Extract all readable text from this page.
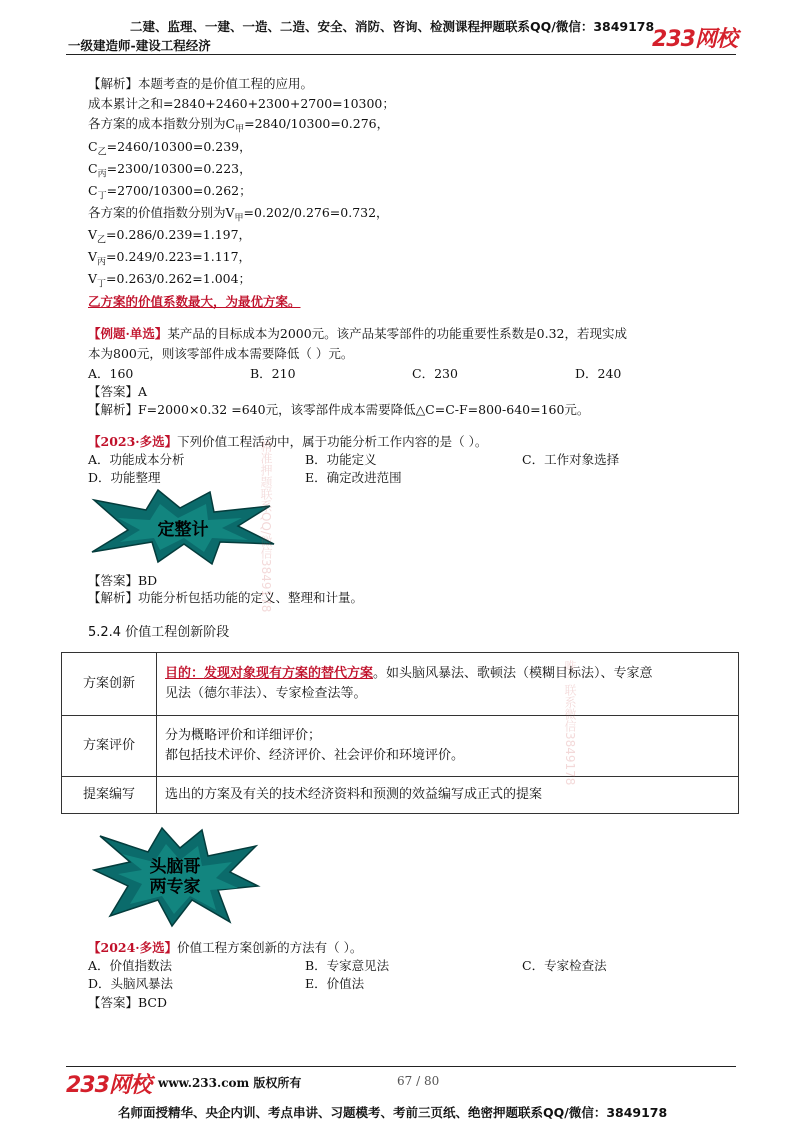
二建、监理、一建、一造、二造、安全、消防、咨询、检测课程押题联系QQ/微信：3849178
233网校
一级建造师-建设工程经济
【解析】本题考查的是价值工程的应用。
成本累计之和=2840+2460+2300+2700=10300；
各方案的成本指数分别为$C_甲=2840/10300=0.276$，
$C_乙=2460/10300=0.239$，
$C_丙=2300/10300=0.223$，
$C_丁=2700/10300=0.262$；
各方案的价值指数分别为$V_甲=0.202/0.276=0.732$，
$V_乙=0.286/0.239=1.197$，
$V_丙=0.249/0.223=1.117$，
$V_丁=0.263/0.262=1.004$；
乙方案的价值系数最大，为最优方案。
【例题·单选】某产品的目标成本为2000元。该产品某零部件的功能重要性系数是0.32，若现实成
本为800元，则该零部件成本需要降低（ ）元。
A．160	B．210	C．230	D．240
【答案】A
【解析】F=2000×0.32 =640元，该零部件成本需要降低△C=C-F=800-640=160元。
【2023·多选】下列价值工程活动中，属于功能分析工作内容的是（ ）。
A．功能成本分析	B．功能定义	C．工作对象选择
D．功能整理	E．确定改进范围
定整计
【答案】BD
【解析】功能分析包括功能的定义、整理和计量。
5.2.4 价值工程创新阶段
方案创新	目的：发现对象现有方案的替代方案。如头脑风暴法、歌顿法（模糊目标法）、专家意
见法（德尔菲法）、专家检查法等。
方案评价	分为概略评价和详细评价；
都包括技术评价、经济评价、社会评价和环境评价。
提案编写	选出的方案及有关的技术经济资料和预测的效益编写成正式的提案
精准押题联系QQ/微信3849178
唯一联系微信3849178
头脑哥
两专家
【2024·多选】价值工程方案创新的方法有（ ）。
A．价值指数法	B．专家意见法	C．专家检查法
D．头脑风暴法	E．价值法
【答案】BCD
233网校 www.233.com 版权所有	67 / 80
名师面授精华、央企内训、考点串讲、习题模考、考前三页纸、绝密押题联系QQ/微信：3849178
